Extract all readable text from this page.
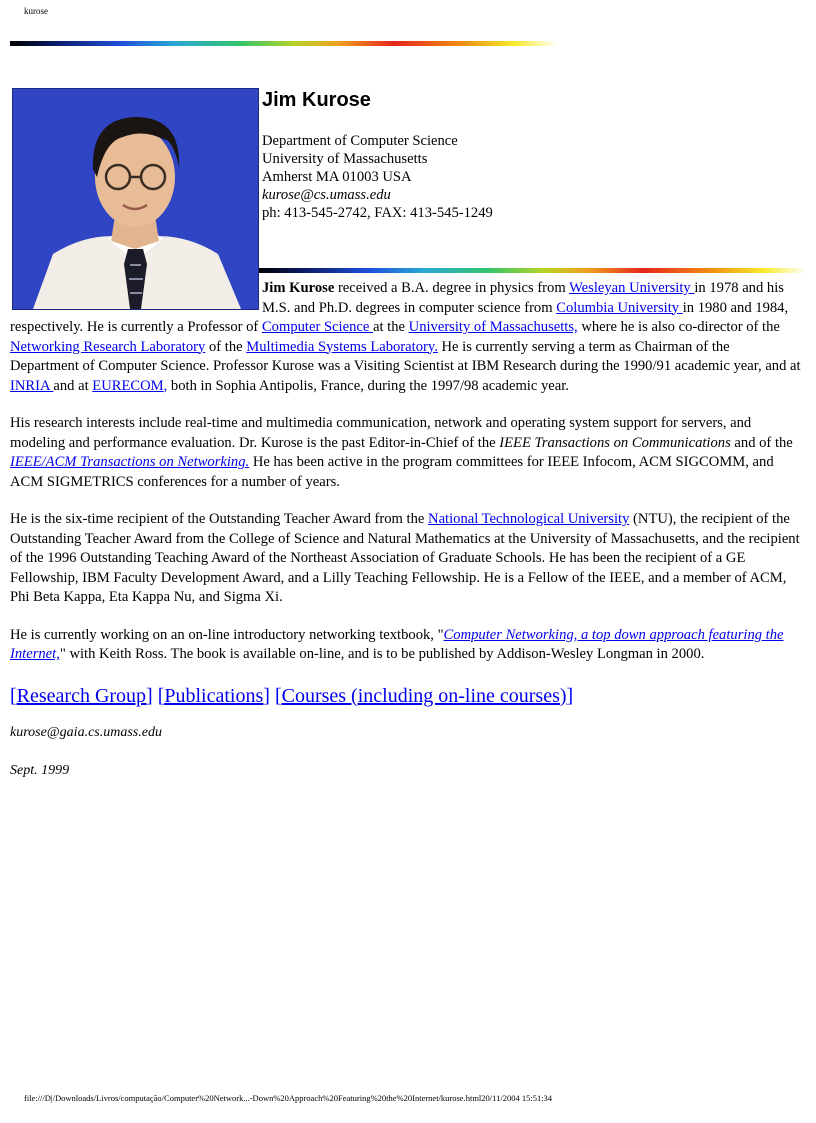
kurose
Jim Kurose
Department of Computer Science
University of Massachusetts
Amherst MA 01003 USA
kurose@cs.umass.edu
ph: 413-545-2742, FAX: 413-545-1249

Jim Kurose received a B.A. degree in physics from Wesleyan University in 1978 and his M.S. and Ph.D. degrees in computer science from Columbia University in 1980 and 1984, respectively. He is currently a Professor of Computer Science at the University of Massachusetts, where he is also co-director of the Networking Research Laboratory of the Multimedia Systems Laboratory. He is currently serving a term as Chairman of the Department of Computer Science. Professor Kurose was a Visiting Scientist at IBM Research during the 1990/91 academic year, and at INRIA and at EURECOM, both in Sophia Antipolis, France, during the 1997/98 academic year.

His research interests include real-time and multimedia communication, network and operating system support for servers, and modeling and performance evaluation. Dr. Kurose is the past Editor-in-Chief of the IEEE Transactions on Communications and of the IEEE/ACM Transactions on Networking. He has been active in the program committees for IEEE Infocom, ACM SIGCOMM, and ACM SIGMETRICS conferences for a number of years.

He is the six-time recipient of the Outstanding Teacher Award from the National Technological University (NTU), the recipient of the Outstanding Teacher Award from the College of Science and Natural Mathematics at the University of Massachusetts, and the recipient of the 1996 Outstanding Teaching Award of the Northeast Association of Graduate Schools. He has been the recipient of a GE Fellowship, IBM Faculty Development Award, and a Lilly Teaching Fellowship. He is a Fellow of the IEEE, and a member of ACM, Phi Beta Kappa, Eta Kappa Nu, and Sigma Xi.

He is currently working on an on-line introductory networking textbook, "Computer Networking, a top down approach featuring the Internet," with Keith Ross. The book is available on-line, and is to be published by Addison-Wesley Longman in 2000.

[Research Group] [Publications] [Courses (including on-line courses)]
kurose@gaia.cs.umass.edu
Sept. 1999
file:///D|/Downloads/Livros/computação/Computer%20Network...-Down%20Approach%20Featuring%20the%20Internet/kurose.html20/11/2004 15:51:34
